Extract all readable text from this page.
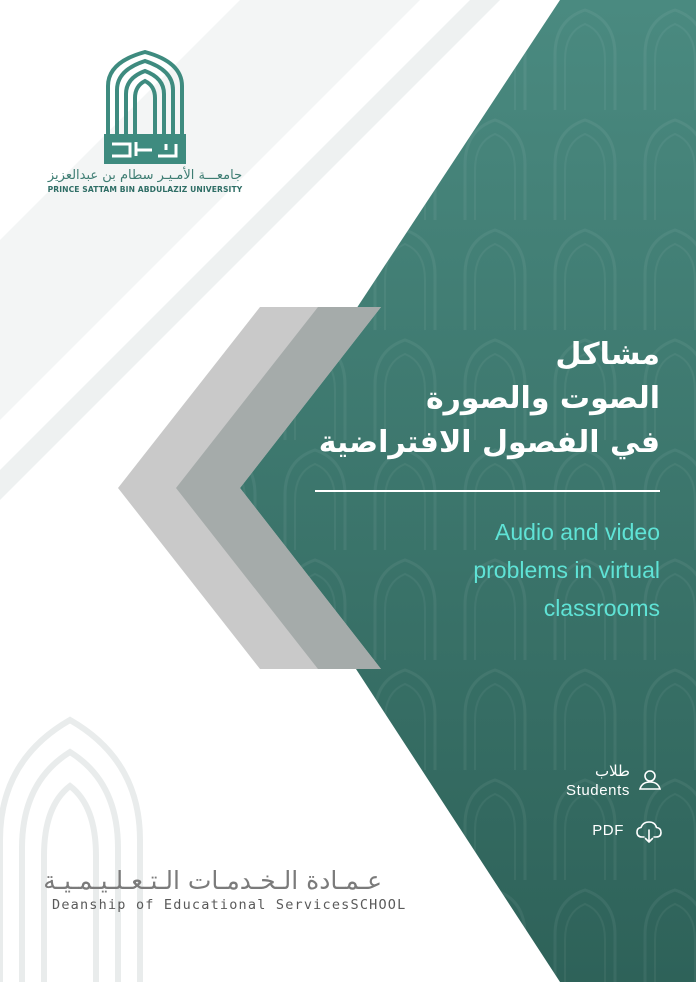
جامعـــة الأمـيـر سطام بن عبدالعزيز
PRINCE SATTAM BIN ABDULAZIZ UNIVERSITY
مشاكل
الصوت والصورة
في الفصول الافتراضية
Audio and video
problems in virtual
classrooms
طلاب
Students
PDF
عـمـادة الـخـدمـات الـتـعـلـيـمـيـة
Deanship of Educational ServicesSCHOOL
